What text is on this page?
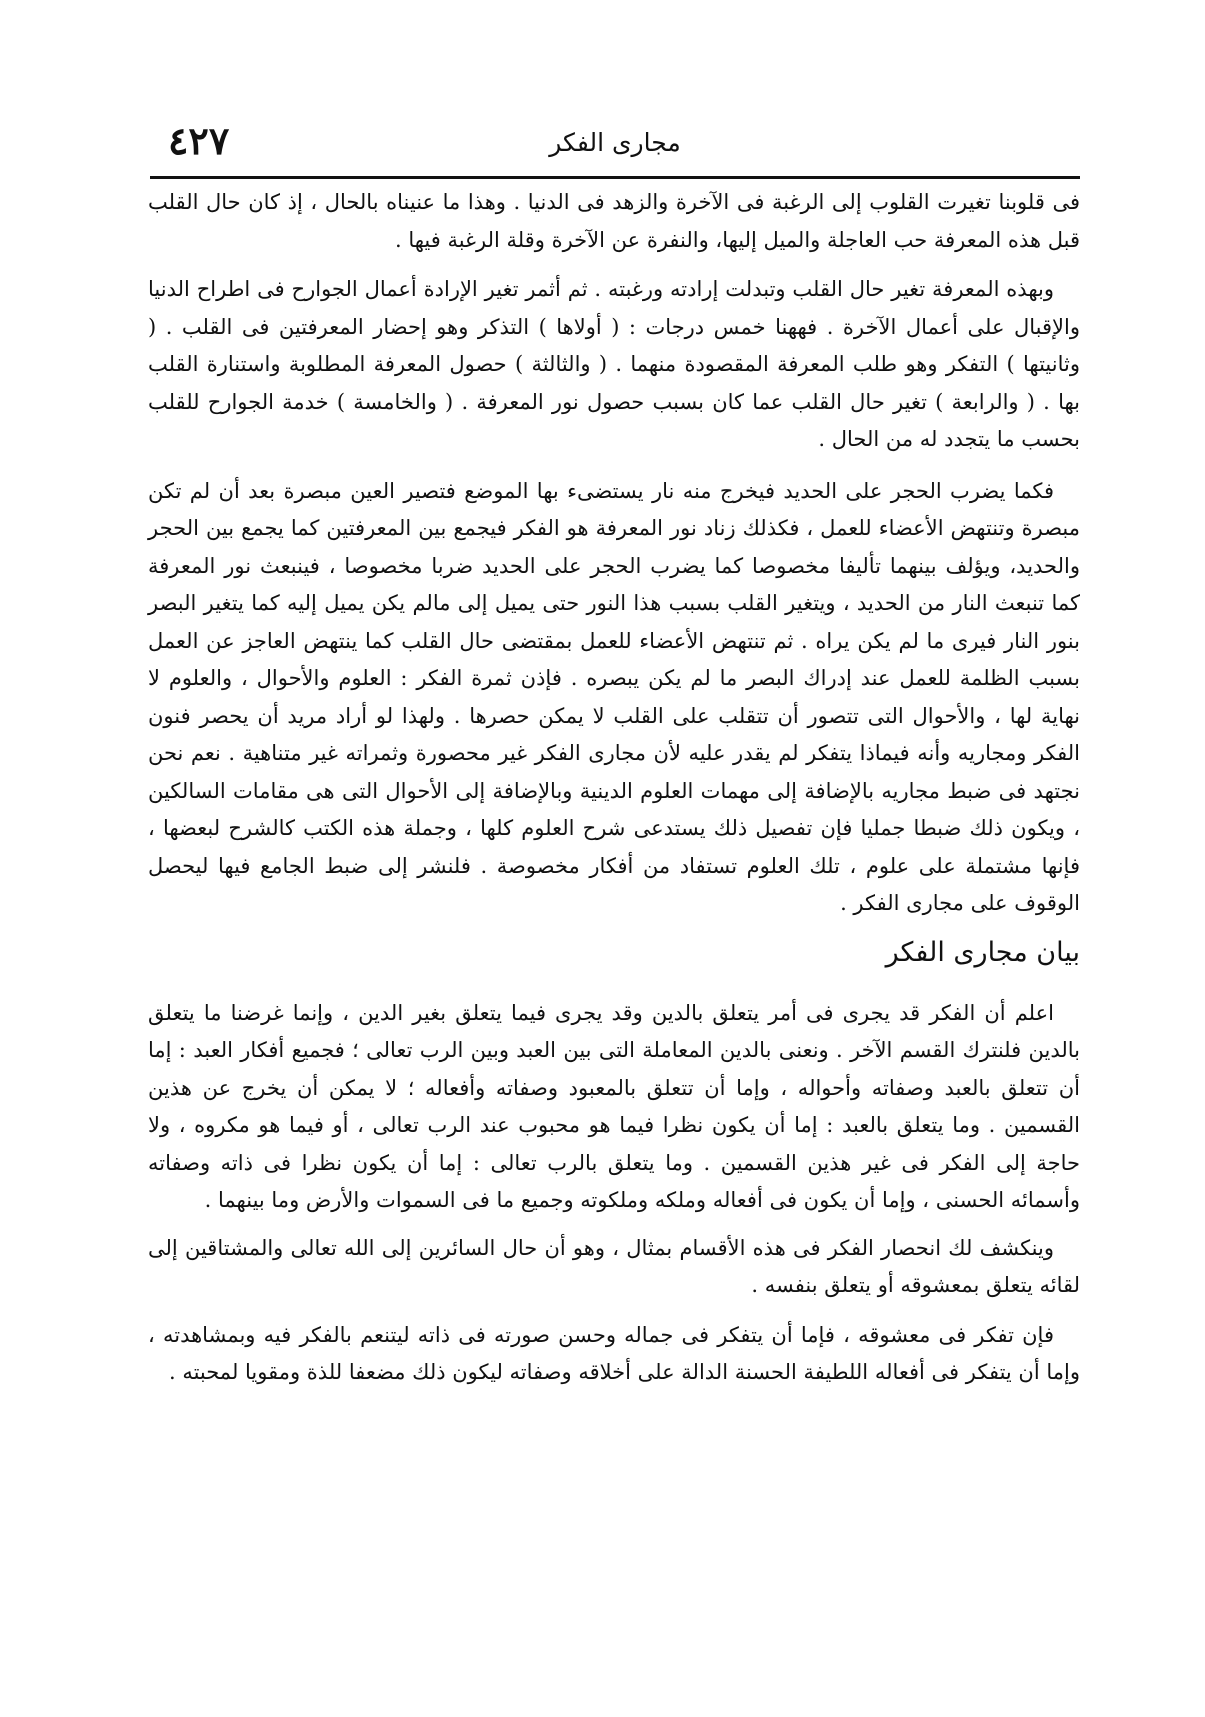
مجارى الفكر
٤٢٧

فى قلوبنا تغيرت القلوب إلى الرغبة فى الآخرة والزهد فى الدنيا . وهذا ما عنيناه بالحال ، إذ كان حال القلب قبل هذه المعرفة حب العاجلة والميل إليها، والنفرة عن الآخرة وقلة الرغبة فيها .

وبهذه المعرفة تغير حال القلب وتبدلت إرادته ورغبته . ثم أثمر تغير الإرادة أعمال الجوارح فى اطراح الدنيا والإقبال على أعمال الآخرة . فههنا خمس درجات : ( أولاها ) التذكر وهو إحضار المعرفتين فى القلب . ( وثانيتها ) التفكر وهو طلب المعرفة المقصودة منهما . ( والثالثة ) حصول المعرفة المطلوبة واستنارة القلب بها . ( والرابعة ) تغير حال القلب عما كان بسبب حصول نور المعرفة . ( والخامسة ) خدمة الجوارح للقلب بحسب ما يتجدد له من الحال .

فكما يضرب الحجر على الحديد فيخرج منه نار يستضىء بها الموضع فتصير العين مبصرة بعد أن لم تكن مبصرة وتنتهض الأعضاء للعمل ، فكذلك زناد نور المعرفة هو الفكر فيجمع بين المعرفتين كما يجمع بين الحجر والحديد، ويؤلف بينهما تأليفا مخصوصا كما يضرب الحجر على الحديد ضربا مخصوصا ، فينبعث نور المعرفة كما تنبعث النار من الحديد ، ويتغير القلب بسبب هذا النور حتى يميل إلى مالم يكن يميل إليه كما يتغير البصر بنور النار فيرى ما لم يكن يراه . ثم تنتهض الأعضاء للعمل بمقتضى حال القلب كما ينتهض العاجز عن العمل بسبب الظلمة للعمل عند إدراك البصر ما لم يكن يبصره . فإذن ثمرة الفكر : العلوم والأحوال ، والعلوم لا نهاية لها ، والأحوال التى تتصور أن تتقلب على القلب لا يمكن حصرها . ولهذا لو أراد مريد أن يحصر فنون الفكر ومجاريه وأنه فيماذا يتفكر لم يقدر عليه لأن مجارى الفكر غير محصورة وثمراته غير متناهية . نعم نحن نجتهد فى ضبط مجاريه بالإضافة إلى مهمات العلوم الدينية وبالإضافة إلى الأحوال التى هى مقامات السالكين ، ويكون ذلك ضبطا جمليا فإن تفصيل ذلك يستدعى شرح العلوم كلها ، وجملة هذه الكتب كالشرح لبعضها ، فإنها مشتملة على علوم ، تلك العلوم تستفاد من أفكار مخصوصة . فلنشر إلى ضبط الجامع فيها ليحصل الوقوف على مجارى الفكر .

بيان مجارى الفكر

اعلم أن الفكر قد يجرى فى أمر يتعلق بالدين وقد يجرى فيما يتعلق بغير الدين ، وإنما غرضنا ما يتعلق بالدين فلنترك القسم الآخر . ونعنى بالدين المعاملة التى بين العبد وبين الرب تعالى ؛ فجميع أفكار العبد : إما أن تتعلق بالعبد وصفاته وأحواله ، وإما أن تتعلق بالمعبود وصفاته وأفعاله ؛ لا يمكن أن يخرج عن هذين القسمين . وما يتعلق بالعبد : إما أن يكون نظرا فيما هو محبوب عند الرب تعالى ، أو فيما هو مكروه ، ولا حاجة إلى الفكر فى غير هذين القسمين . وما يتعلق بالرب تعالى : إما أن يكون نظرا فى ذاته وصفاته وأسمائه الحسنى ، وإما أن يكون فى أفعاله وملكه وملكوته وجميع ما فى السموات والأرض وما بينهما .

وينكشف لك انحصار الفكر فى هذه الأقسام بمثال ، وهو أن حال السائرين إلى الله تعالى والمشتاقين إلى لقائه يتعلق بمعشوقه أو يتعلق بنفسه .

فإن تفكر فى معشوقه ، فإما أن يتفكر فى جماله وحسن صورته فى ذاته ليتنعم بالفكر فيه وبمشاهدته ، وإما أن يتفكر فى أفعاله اللطيفة الحسنة الدالة على أخلاقه وصفاته ليكون ذلك مضعفا للذة ومقويا لمحبته .
